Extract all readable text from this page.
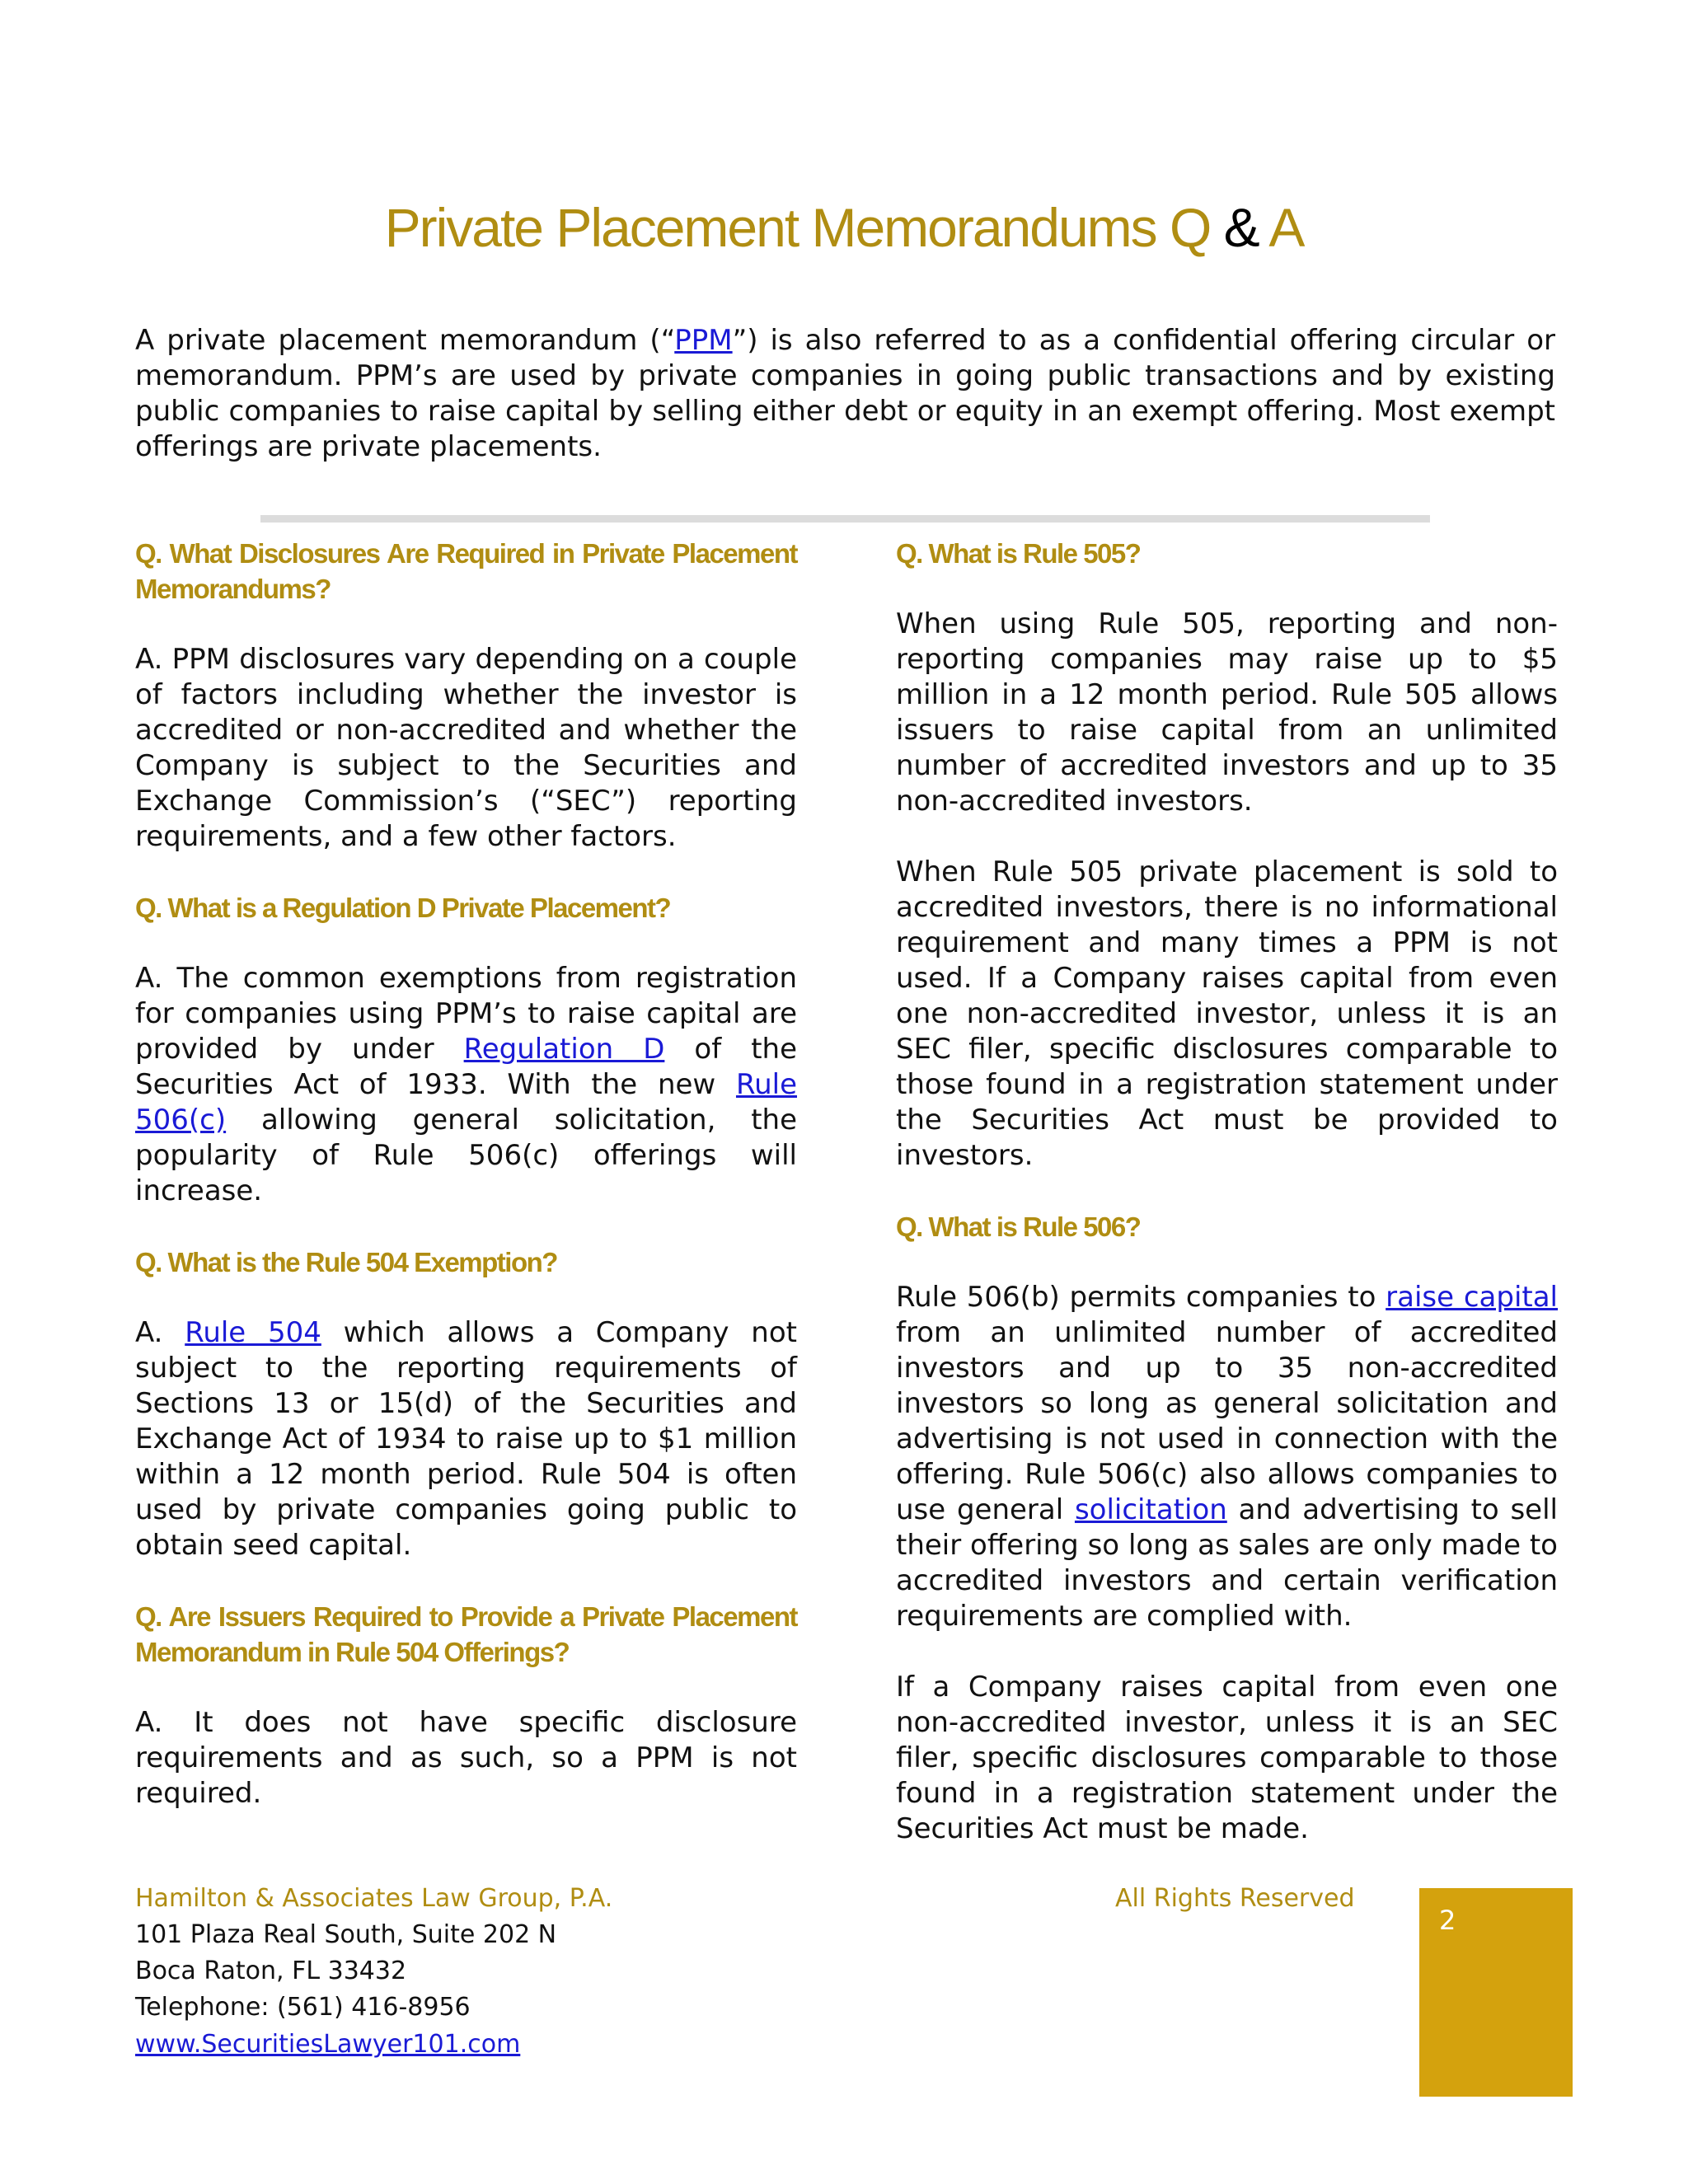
Private Placement Memorandums Q & A

A private placement memorandum (“PPM”) is also referred to as a confidential offering circular or memorandum. PPM’s are used by private companies in going public transactions and by existing public companies to raise capital by selling either debt or equity in an exempt offering. Most exempt offerings are private placements.

Q. What Disclosures Are Required in Private Placement Memorandums?

A. PPM disclosures vary depending on a couple of factors including whether the investor is accredited or non-accredited and whether the Company is subject to the Securities and Exchange Commission’s (“SEC”) reporting requirements, and a few other factors.

Q. What is a Regulation D Private Placement?

A. The common exemptions from registration for companies using PPM’s to raise capital are provided by under Regulation D of the Securities Act of 1933. With the new Rule 506(c) allowing general solicitation, the popularity of Rule 506(c) offerings will increase.

Q. What is the Rule 504 Exemption?

A. Rule 504 which allows a Company not subject to the reporting requirements of Sections 13 or 15(d) of the Securities and Exchange Act of 1934 to raise up to $1 million within a 12 month period. Rule 504 is often used by private companies going public to obtain seed capital.

Q. Are Issuers Required to Provide a Private Placement Memorandum in Rule 504 Offerings?

A. It does not have specific disclosure requirements and as such, so a PPM is not required.

Q. What is Rule 505?

When using Rule 505, reporting and non-reporting companies may raise up to $5 million in a 12 month period. Rule 505 allows issuers to raise capital from an unlimited number of accredited investors and up to 35 non-accredited investors.

When Rule 505 private placement is sold to accredited investors, there is no informational requirement and many times a PPM is not used. If a Company raises capital from even one non-accredited investor, unless it is an SEC filer, specific disclosures comparable to those found in a registration statement under the Securities Act must be provided to investors.

Q. What is Rule 506?

Rule 506(b) permits companies to raise capital from an unlimited number of accredited investors and up to 35 non-accredited investors so long as general solicitation and advertising is not used in connection with the offering. Rule 506(c) also allows companies to use general solicitation and advertising to sell their offering so long as sales are only made to accredited investors and certain verification requirements are complied with.

If a Company raises capital from even one non-accredited investor, unless it is an SEC filer, specific disclosures comparable to those found in a registration statement under the Securities Act must be made.

Hamilton & Associates Law Group, P.A.	All Rights Reserved
101 Plaza Real South, Suite 202 N
Boca Raton, FL 33432
Telephone: (561) 416-8956
www.SecuritiesLawyer101.com
2
